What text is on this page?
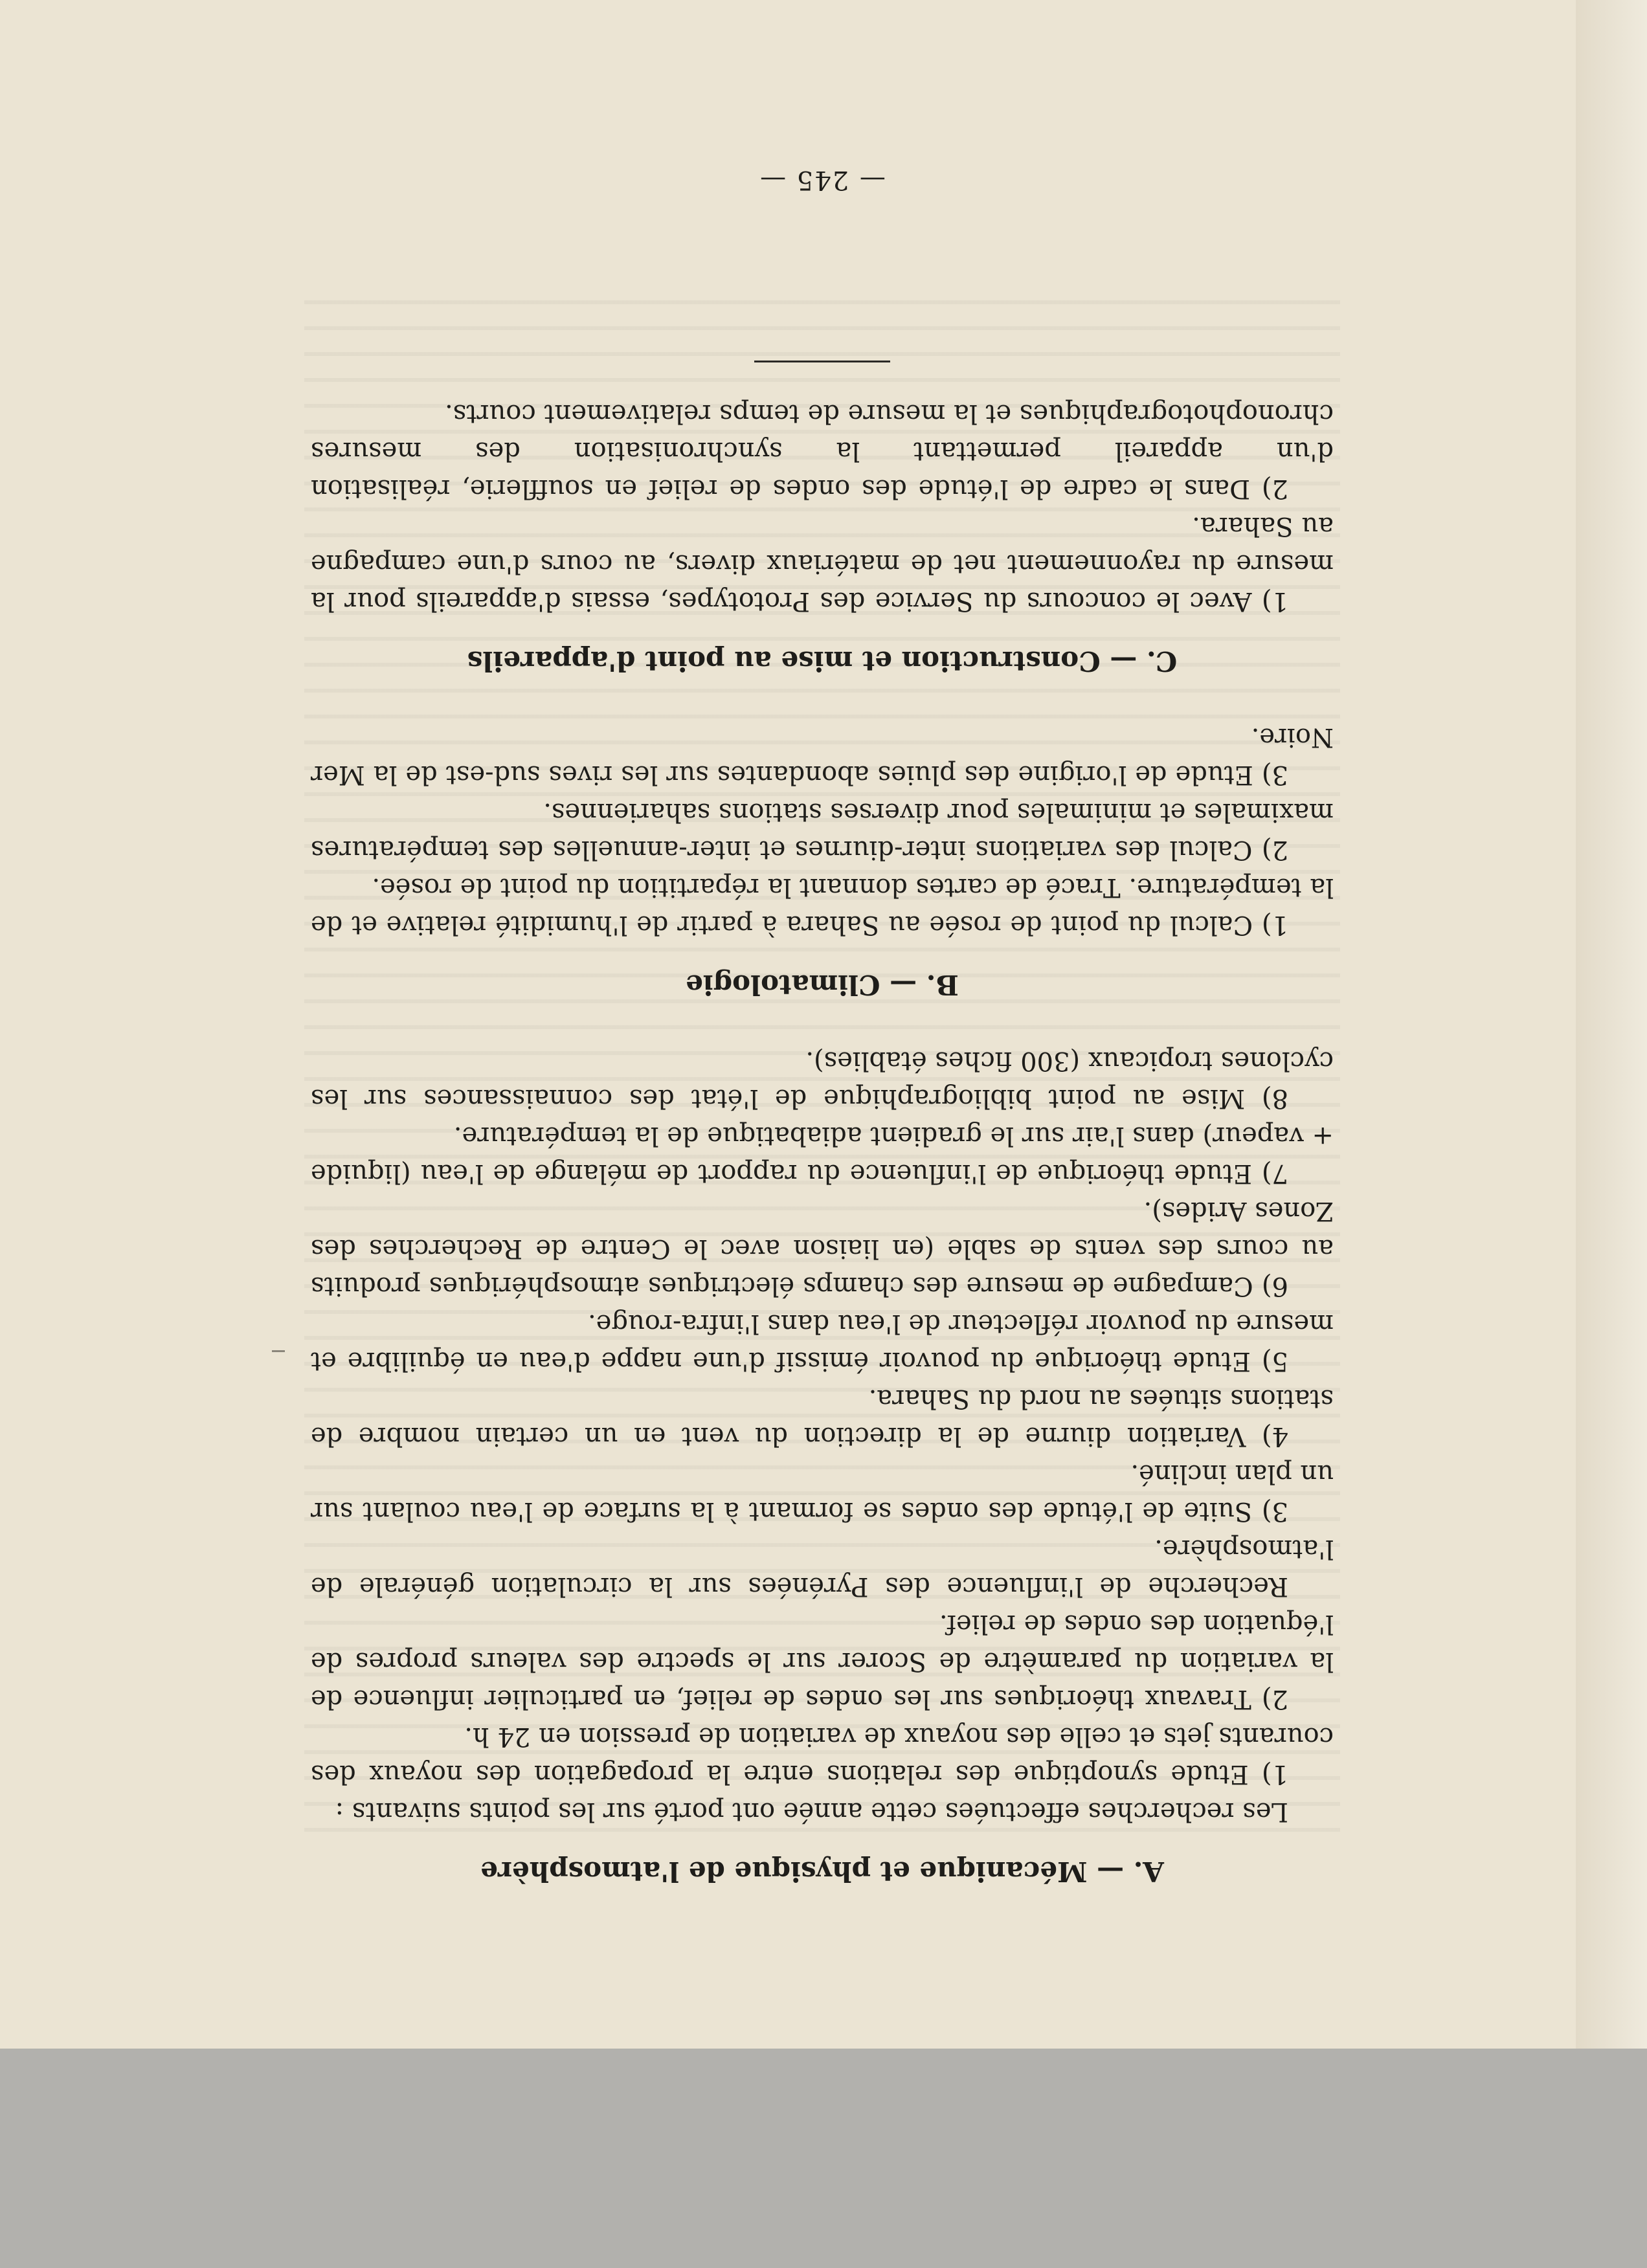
A. — Mécanique et physique de l'atmosphère

Les recherches effectuées cette année ont porté sur les points suivants :

1) Etude synoptique des relations entre la propagation des noyaux des courants jets et celle des noyaux de variation de pression en 24 h.

2) Travaux théoriques sur les ondes de relief, en particulier influence de la variation du paramètre de Scorer sur le spectre des valeurs propres de l'équation des ondes de relief.

Recherche de l'influence des Pyrénées sur la circulation générale de l'atmosphère.

3) Suite de l'étude des ondes se formant à la surface de l'eau coulant sur un plan incliné.

4) Variation diurne de la direction du vent en un certain nombre de stations situées au nord du Sahara.

5) Etude théorique du pouvoir émissif d'une nappe d'eau en équilibre et mesure du pouvoir réflecteur de l'eau dans l'infra-rouge.

6) Campagne de mesure des champs électriques atmosphériques produits au cours des vents de sable (en liaison avec le Centre de Recherches des Zones Arides).

7) Etude théorique de l'influence du rapport de mélange de l'eau (liquide + vapeur) dans l'air sur le gradient adiabatique de la température.

8) Mise au point bibliographique de l'état des connaissances sur les cyclones tropicaux (300 fiches établies).

B. — Climatologie

1) Calcul du point de rosée au Sahara à partir de l'humidité relative et de la température. Tracé de cartes donnant la répartition du point de rosée.

2) Calcul des variations inter-diurnes et inter-annuelles des températures maximales et minimales pour diverses stations sahariennes.

3) Etude de l'origine des pluies abondantes sur les rives sud-est de la Mer Noire.

C. — Construction et mise au point d'appareils

1) Avec le concours du Service des Prototypes, essais d'appareils pour la mesure du rayonnement net de matériaux divers, au cours d'une campagne au Sahara.

2) Dans le cadre de l'étude des ondes de relief en soufflerie, réalisation d'un appareil permettant la synchronisation des mesures chronophotographiques et la mesure de temps relativement courts.

— 245 —
